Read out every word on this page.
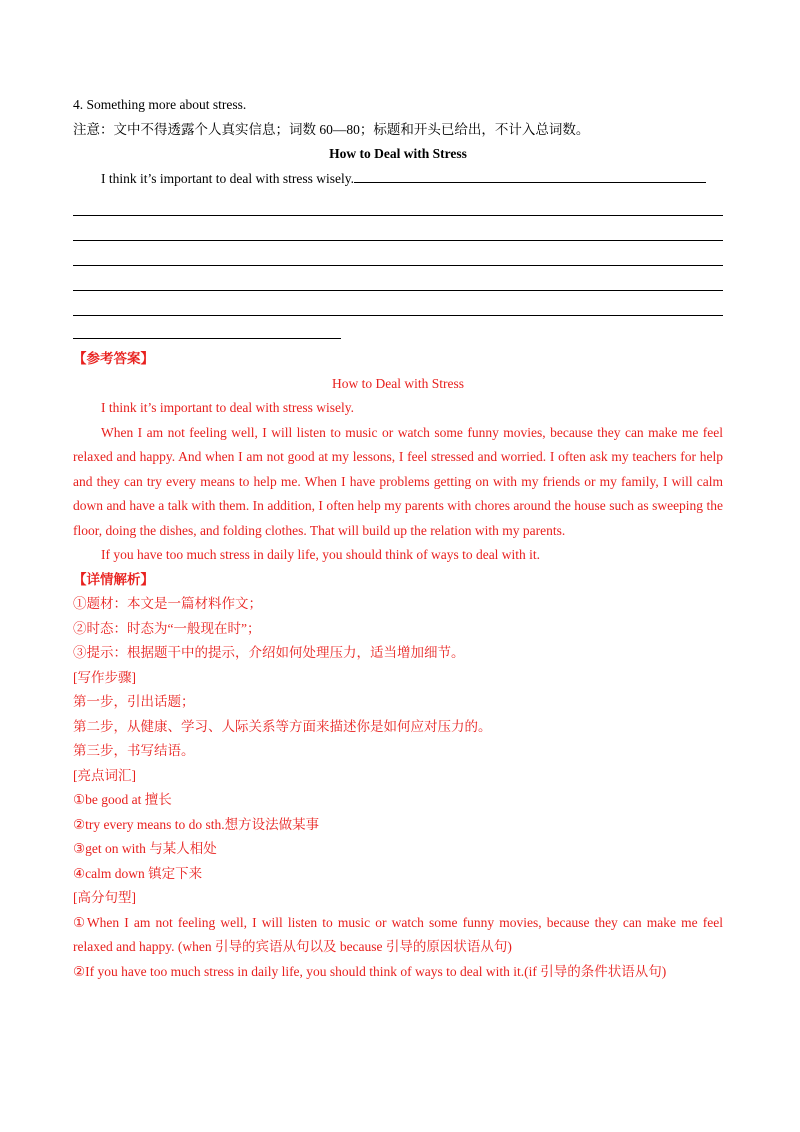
4. Something more about stress.
注意：文中不得透露个人真实信息；词数 60—80；标题和开头已给出，不计入总词数。
How to Deal with Stress
I think it’s important to deal with stress wisely.
【参考答案】
How to Deal with Stress
I think it’s important to deal with stress wisely.
When I am not feeling well, I will listen to music or watch some funny movies, because they can make me feel relaxed and happy. And when I am not good at my lessons, I feel stressed and worried. I often ask my teachers for help and they can try every means to help me. When I have problems getting on with my friends or my family, I will calm down and have a talk with them. In addition, I often help my parents with chores around the house such as sweeping the floor, doing the dishes, and folding clothes. That will build up the relation with my parents.
If you have too much stress in daily life, you should think of ways to deal with it.
【详情解析】
①题材：本文是一篇材料作文；
②时态：时态为“一般现在时”；
③提示：根据题干中的提示，介绍如何处理压力，适当增加细节。
[写作步骤]
第一步，引出话题；
第二步，从健康、学习、人际关系等方面来描述你是如何应对压力的。
第三步，书写结语。
[亮点词汇]
①be good at 擅长
②try every means to do sth.想方设法做某事
③get on with 与某人相处
④calm down 镇定下来
[高分句型]
①When I am not feeling well, I will listen to music or watch some funny movies, because they can make me feel relaxed and happy. (when 引导的宾语从句以及 because 引导的原因状语从句)
②If you have too much stress in daily life, you should think of ways to deal with it.(if 引导的条件状语从句)
